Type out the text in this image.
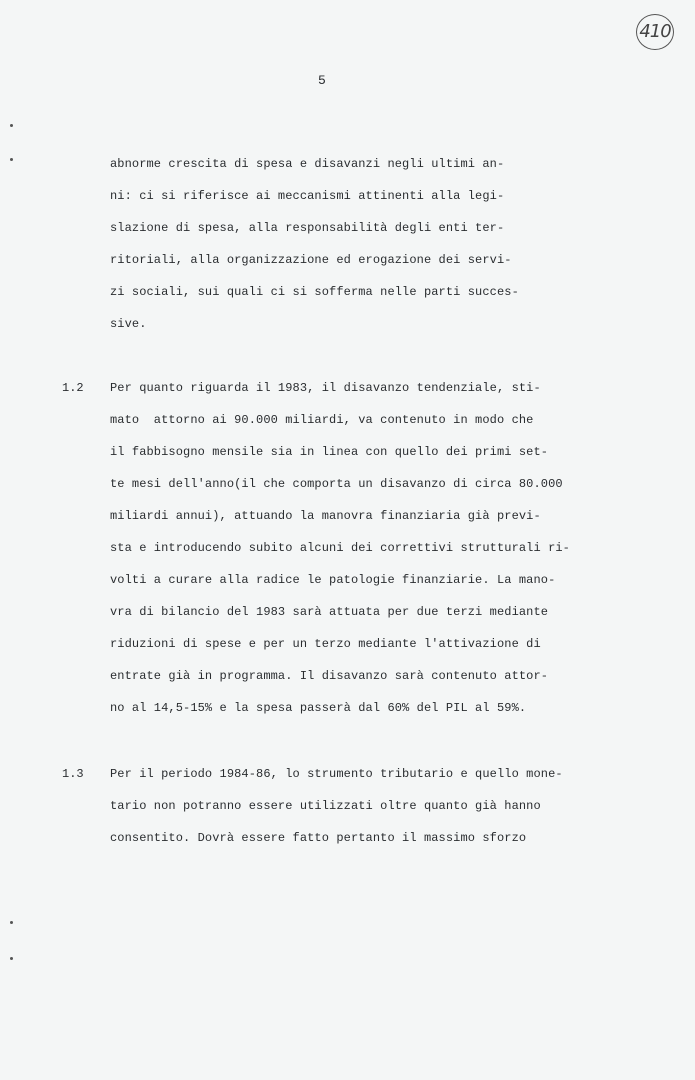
410
5
abnorme crescita di spesa e disavanzi negli ultimi an-
ni: ci si riferisce ai meccanismi attinenti alla legi-
slazione di spesa, alla responsabilità degli enti ter-
ritoriali, alla organizzazione ed erogazione dei servi-
zi sociali, sui quali ci si sofferma nelle parti succes-
sive.
1.2 Per quanto riguarda il 1983, il disavanzo tendenziale, sti-
mato  attorno ai 90.000 miliardi, va contenuto in modo che
il fabbisogno mensile sia in linea con quello dei primi set-
te mesi dell'anno(il che comporta un disavanzo di circa 80.000
miliardi annui), attuando la manovra finanziaria già previ-
sta e introducendo subito alcuni dei correttivi strutturali ri-
volti a curare alla radice le patologie finanziarie. La mano-
vra di bilancio del 1983 sarà attuata per due terzi mediante
riduzioni di spese e per un terzo mediante l'attivazione di
entrate già in programma. Il disavanzo sarà contenuto attor-
no al 14,5-15% e la spesa passerà dal 60% del PIL al 59%.
1.3 Per il periodo 1984-86, lo strumento tributario e quello mone-
tario non potranno essere utilizzati oltre quanto già hanno
consentito. Dovrà essere fatto pertanto il massimo sforzo
